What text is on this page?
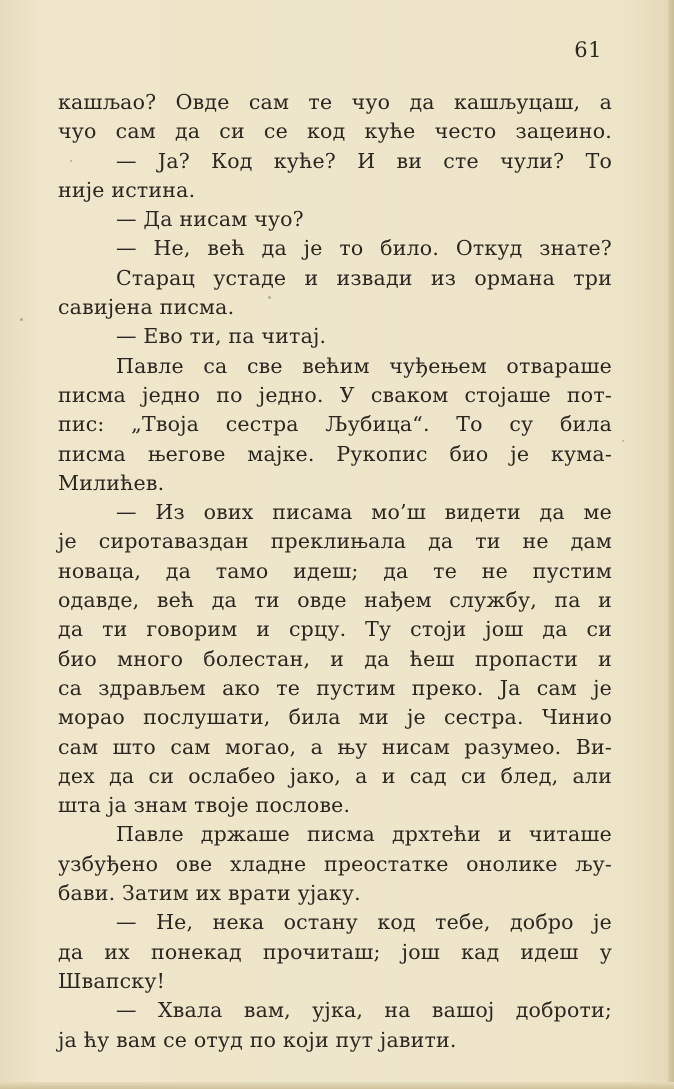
61
кашљао? Овде сам те чуо да кашљуцаш, а
чуо сам да си се код куће често зацеино.
— Ја? Код куће? И ви сте чули? То
није истина.
— Да нисам чуо?
— Не, већ да је то било. Откуд знате?
Старац устаде и извади из ормана три
савијена писма.
— Ево ти, па читај.
Павле са све већим чуђењем отвараше
писма једно по једно. У сваком стојаше пот-
пис: „Твоја сестра Љубица“. То су била
писма његове мајке. Рукопис био је кума-
Милићев.
— Из ових писама мо’ш видети да ме
је сиротаваздан преклињала да ти не дам
новаца, да тамо идеш; да те не пустим
одавде, већ да ти овде нађем службу, па и
да ти говорим и срцу. Ту стоји још да си
био много болестан, и да ћеш пропасти и
са здрављем ако те пустим преко. Ја сам је
морао послушати, била ми је сестра. Чинио
сам што сам могао, а њу нисам разумео. Ви-
дех да си ослабео јако, а и сад си блед, али
шта ја знам твоје послове.
Павле држаше писма дрхтећи и читаше
узбуђено ове хладне преостатке онолике љу-
бави. Затим их врати ујаку.
— Не, нека остану код тебе, добро је
да их понекад прочиташ; још кад идеш у
Швапску!
— Хвала вам, ујка, на вашој доброти;
ја ћу вам се отуд по који пут јавити.
